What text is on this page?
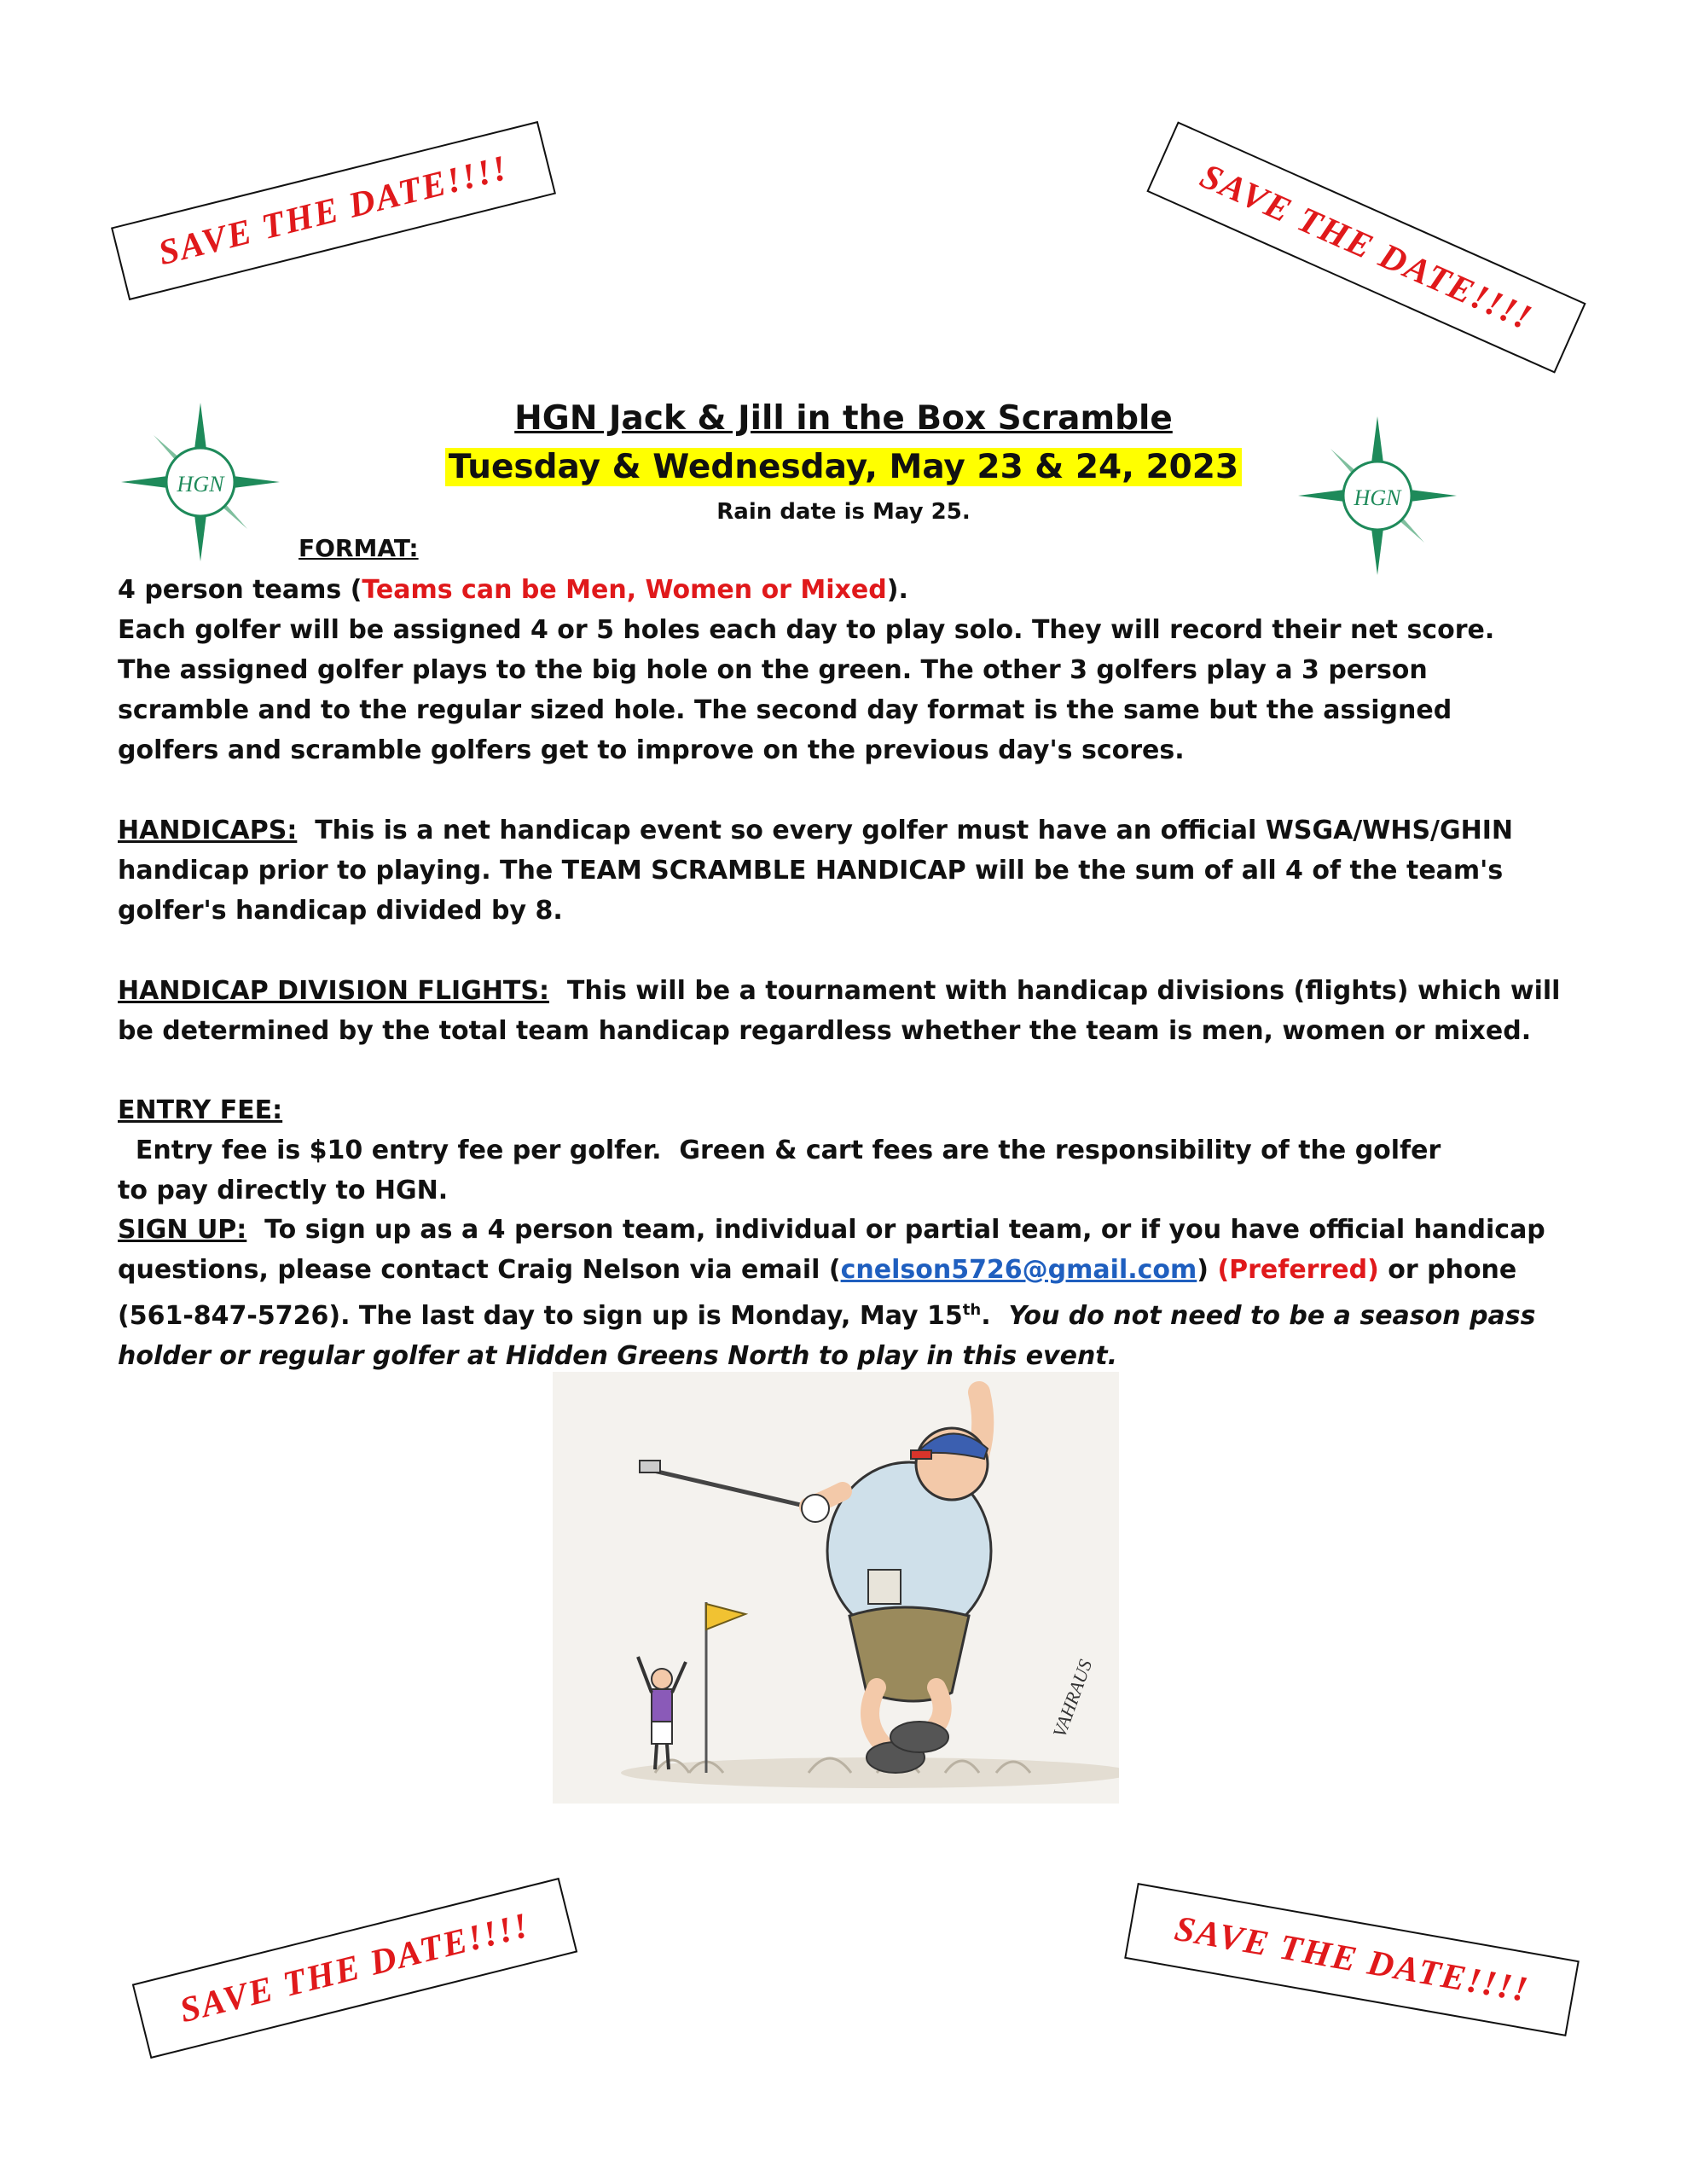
SAVE THE DATE!!!!	SAVE THE DATE!!!!
SAVE THE DATE!!!!	SAVE THE DATE!!!!
HGN
HGN
HGN Jack & Jill in the Box Scramble
Tuesday & Wednesday, May 23 & 24, 2023
Rain date is May 25.
FORMAT:

4 person teams (Teams can be Men, Women or Mixed).

Each golfer will be assigned 4 or 5 holes each day to play solo. They will record their net score.

The assigned golfer plays to the big hole on the green. The other 3 golfers play a 3 person

scramble and to the regular sized hole. The second day format is the same but the assigned

golfers and scramble golfers get to improve on the previous day's scores.

HANDICAPS:  This is a net handicap event so every golfer must have an official WSGA/WHS/GHIN

handicap prior to playing. The TEAM SCRAMBLE HANDICAP will be the sum of all 4 of the team's

golfer's handicap divided by 8.

HANDICAP DIVISION FLIGHTS:  This will be a tournament with handicap divisions (flights) which will

be determined by the total team handicap regardless whether the team is men, women or mixed.

ENTRY FEE:  Entry fee is $10 entry fee per golfer.  Green & cart fees are the responsibility of the golfer

to pay directly to HGN.

SIGN UP:  To sign up as a 4 person team, individual or partial team, or if you have official handicap

questions, please contact Craig Nelson via email (cnelson5726@gmail.com) (Preferred) or phone

(561-847-5726). The last day to sign up is Monday, May 15th.  You do not need to be a season pass

holder or regular golfer at Hidden Greens North to play in this event.

VAHRAUS
